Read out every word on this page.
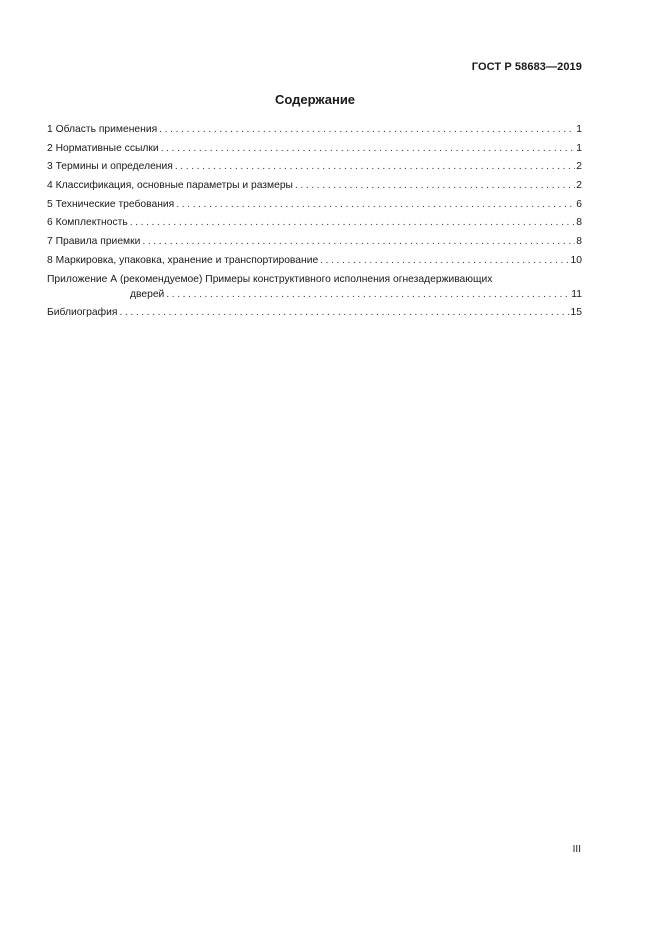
ГОСТ Р 58683—2019
Содержание
1 Область применения .....	1
2 Нормативные ссылки .....	1
3 Термины и определения .....	2
4 Классификация, основные параметры и размеры .....	2
5 Технические требования .....	6
6 Комплектность .....	8
7 Правила приемки .....	8
8 Маркировка, упаковка, хранение и транспортирование .....	10
Приложение А (рекомендуемое) Примеры конструктивного исполнения огнезадерживающих
дверей .....	11
Библиография .....	15
III
